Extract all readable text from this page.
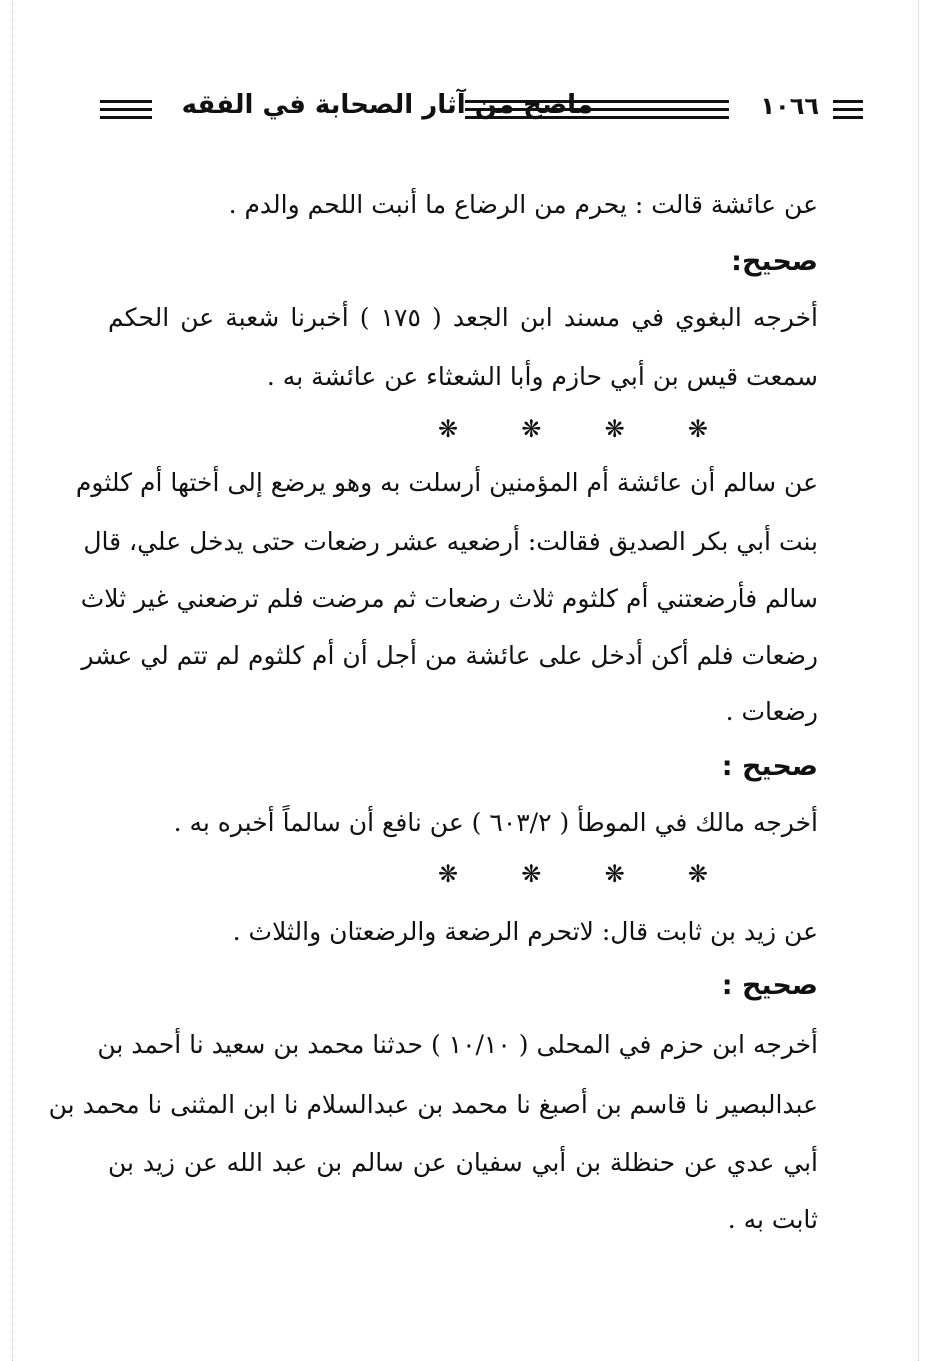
١٠٦٦
ماصح من آثار الصحابة في الفقه
عن عائشة قالت : يحرم من الرضاع ما أنبت اللحم والدم .
صحيح:
أخرجه البغوي في مسند ابن الجعد ( ١٧٥ ) أخبرنا شعبة عن الحكم
سمعت قيس بن أبي حازم وأبا الشعثاء عن عائشة به .
❋
❋
❋
❋
عن سالم أن عائشة أم المؤمنين أرسلت به وهو يرضع إلى أختها أم كلثوم
بنت أبي بكر الصديق فقالت: أرضعيه عشر رضعات حتى يدخل علي، قال
سالم فأرضعتني أم كلثوم ثلاث رضعات ثم مرضت فلم ترضعني غير ثلاث
رضعات فلم أكن أدخل على عائشة من أجل أن أم كلثوم لم تتم لي عشر
رضعات .
صحيح :
أخرجه مالك في الموطأ ( ٦٠٣/٢ ) عن نافع أن سالماً أخبره به .
❋
❋
❋
❋
عن زيد بن ثابت قال: لاتحرم الرضعة والرضعتان والثلاث .
صحيح :
أخرجه ابن حزم في المحلى ( ١٠/١٠ ) حدثنا محمد بن سعيد نا أحمد بن
عبدالبصير نا قاسم بن أصبغ نا محمد بن عبدالسلام نا ابن المثنى نا محمد بن
أبي عدي عن حنظلة بن أبي سفيان عن سالم بن عبد الله عن زيد بن
ثابت به .
